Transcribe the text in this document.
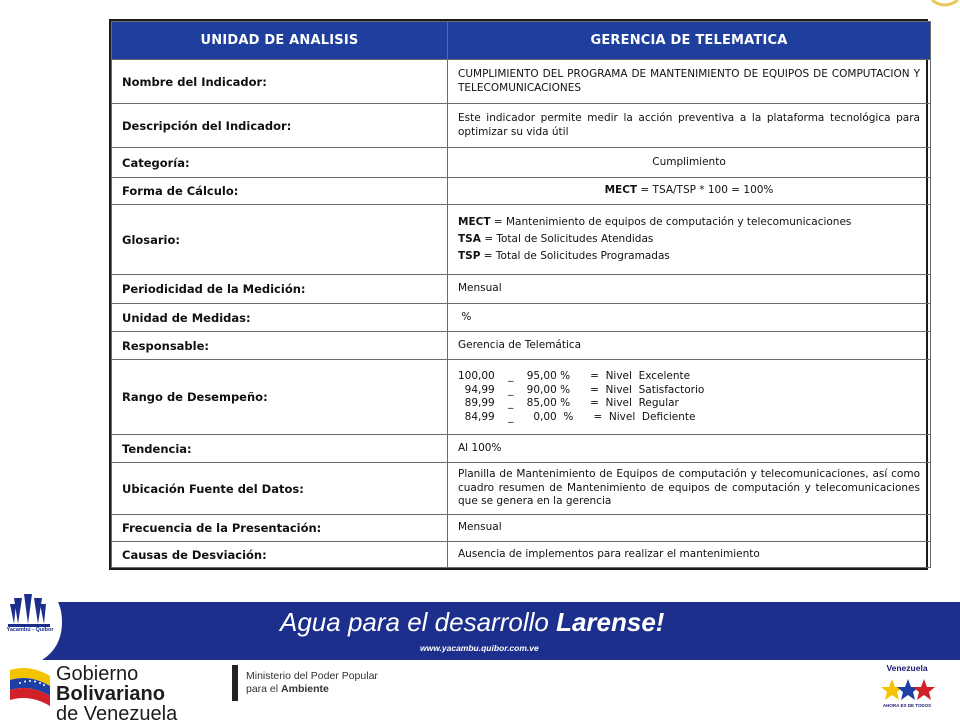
UNIDAD DE ANALISIS	GERENCIA DE TELEMATICA
Nombre del Indicador:	CUMPLIMIENTO DEL PROGRAMA DE MANTENIMIENTO DE EQUIPOS DE COMPUTACION Y TELECOMUNICACIONES
Descripción del Indicador:	Este indicador permite medir la acción preventiva a la plataforma tecnológica para optimizar su vida útil
Categoría:	Cumplimiento
Forma de Cálculo:	MECT = TSA/TSP * 100 = 100%
Glosario:	MECT = Mantenimiento de equipos de computación y telecomunicaciones
TSA = Total de Solicitudes Atendidas
TSP = Total de Solicitudes Programadas

Periodicidad de la Medición:	Mensual
Unidad de Medidas:	%
Responsable:	Gerencia de Telemática
Rango de Desempeño:	100,00    _    95,00 %      =  Nivel  Excelente
94,99    _    90,00 %      =  Nivel  Satisfactorio
89,99    _    85,00 %      =  Nivel  Regular
84,99    _      0,00  %      =  Nivel  Deficiente

Tendencia:	Al 100%
Ubicación Fuente del Datos:	Planilla de Mantenimiento de Equipos de computación y telecomunicaciones, así como cuadro resumen de Mantenimiento de equipos de computación y telecomunicaciones que se genera en la gerencia
Frecuencia de la Presentación:	Mensual
Causas de Desviación:	Ausencia de implementos para realizar el mantenimiento
Yacambú - Quíbor	Agua para el desarrollo Larense!
www.yacambu.quibor.com.ve
Gobierno Bolivariano
de Venezuela
Ministerio del Poder Popular
para el Ambiente
Venezuela
AHORA ES DE TODOS
